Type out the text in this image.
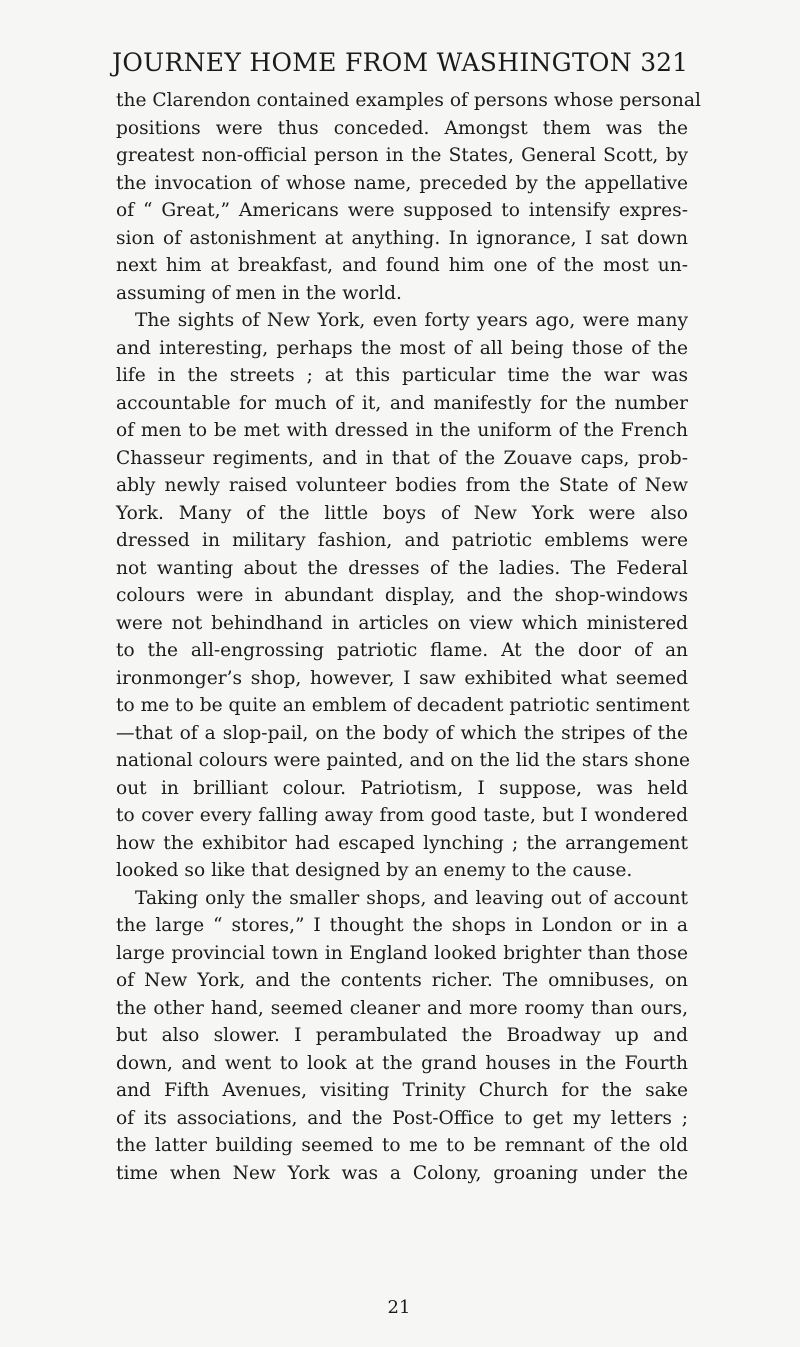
JOURNEY HOME FROM WASHINGTON 321
the Clarendon contained examples of persons whose personal
positions were thus conceded. Amongst them was the
greatest non-official person in the States, General Scott, by
the invocation of whose name, preceded by the appellative
of “ Great,” Americans were supposed to intensify expres-
sion of astonishment at anything. In ignorance, I sat down
next him at breakfast, and found him one of the most un-
assuming of men in the world.
The sights of New York, even forty years ago, were many
and interesting, perhaps the most of all being those of the
life in the streets ; at this particular time the war was
accountable for much of it, and manifestly for the number
of men to be met with dressed in the uniform of the French
Chasseur regiments, and in that of the Zouave caps, prob-
ably newly raised volunteer bodies from the State of New
York. Many of the little boys of New York were also
dressed in military fashion, and patriotic emblems were
not wanting about the dresses of the ladies. The Federal
colours were in abundant display, and the shop-windows
were not behindhand in articles on view which ministered
to the all-engrossing patriotic flame. At the door of an
ironmonger’s shop, however, I saw exhibited what seemed
to me to be quite an emblem of decadent patriotic sentiment
—that of a slop-pail, on the body of which the stripes of the
national colours were painted, and on the lid the stars shone
out in brilliant colour. Patriotism, I suppose, was held
to cover every falling away from good taste, but I wondered
how the exhibitor had escaped lynching ; the arrangement
looked so like that designed by an enemy to the cause.
Taking only the smaller shops, and leaving out of account
the large “ stores,” I thought the shops in London or in a
large provincial town in England looked brighter than those
of New York, and the contents richer. The omnibuses, on
the other hand, seemed cleaner and more roomy than ours,
but also slower. I perambulated the Broadway up and
down, and went to look at the grand houses in the Fourth
and Fifth Avenues, visiting Trinity Church for the sake
of its associations, and the Post-Office to get my letters ;
the latter building seemed to me to be remnant of the old
time when New York was a Colony, groaning under the
21
